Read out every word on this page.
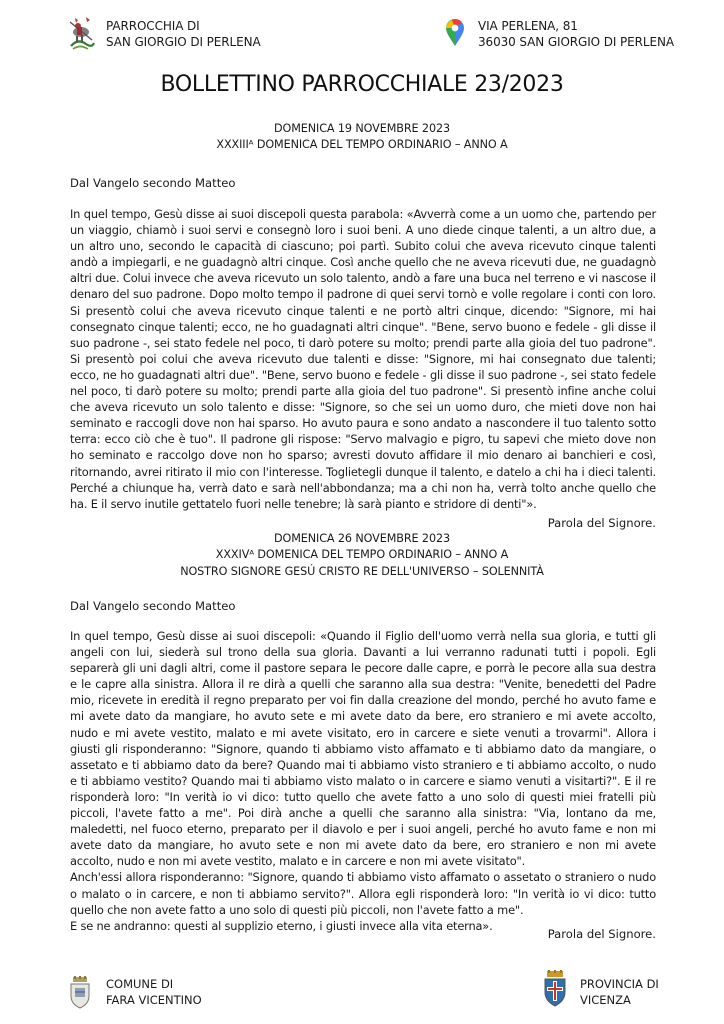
PARROCCHIA DI
SAN GIORGIO DI PERLENA
VIA PERLENA, 81
36030 SAN GIORGIO DI PERLENA
BOLLETTINO PARROCCHIALE 23/2023
DOMENICA 19 NOVEMBRE 2023
XXXIIIᴬ DOMENICA DEL TEMPO ORDINARIO – ANNO A
Dal Vangelo secondo Matteo

In quel tempo, Gesù disse ai suoi discepoli questa parabola: «Avverrà come a un uomo che, partendo per un viaggio, chiamò i suoi servi e consegnò loro i suoi beni. A uno diede cinque talenti, a un altro due, a un altro uno, secondo le capacità di ciascuno; poi partì. Subito colui che aveva ricevuto cinque talenti andò a impiegarli, e ne guadagnò altri cinque. Così anche quello che ne aveva ricevuti due, ne guadagnò altri due. Colui invece che aveva ricevuto un solo talento, andò a fare una buca nel terreno e vi nascose il denaro del suo padrone. Dopo molto tempo il padrone di quei servi tornò e volle regolare i conti con loro. Si presentò colui che aveva ricevuto cinque talenti e ne portò altri cinque, dicendo: "Signore, mi hai consegnato cinque talenti; ecco, ne ho guadagnati altri cinque". "Bene, servo buono e fedele - gli disse il suo padrone -, sei stato fedele nel poco, ti darò potere su molto; prendi parte alla gioia del tuo padrone". Si presentò poi colui che aveva ricevuto due talenti e disse: "Signore, mi hai consegnato due talenti; ecco, ne ho guadagnati altri due". "Bene, servo buono e fedele - gli disse il suo padrone -, sei stato fedele nel poco, ti darò potere su molto; prendi parte alla gioia del tuo padrone". Si presentò infine anche colui che aveva ricevuto un solo talento e disse: "Signore, so che sei un uomo duro, che mieti dove non hai seminato e raccogli dove non hai sparso. Ho avuto paura e sono andato a nascondere il tuo talento sotto terra: ecco ciò che è tuo". Il padrone gli rispose: "Servo malvagio e pigro, tu sapevi che mieto dove non ho seminato e raccolgo dove non ho sparso; avresti dovuto affidare il mio denaro ai banchieri e così, ritornando, avrei ritirato il mio con l'interesse. Toglietegli dunque il talento, e datelo a chi ha i dieci talenti. Perché a chiunque ha, verrà dato e sarà nell'abbondanza; ma a chi non ha, verrà tolto anche quello che ha. E il servo inutile gettatelo fuori nelle tenebre; là sarà pianto e stridore di denti"».

Parola del Signore.
DOMENICA 26 NOVEMBRE 2023
XXXIVᴬ DOMENICA DEL TEMPO ORDINARIO – ANNO A
NOSTRO SIGNORE GESÚ CRISTO RE DELL'UNIVERSO – SOLENNITÀ
Dal Vangelo secondo Matteo

In quel tempo, Gesù disse ai suoi discepoli: «Quando il Figlio dell'uomo verrà nella sua gloria, e tutti gli angeli con lui, siederà sul trono della sua gloria. Davanti a lui verranno radunati tutti i popoli. Egli separerà gli uni dagli altri, come il pastore separa le pecore dalle capre, e porrà le pecore alla sua destra e le capre alla sinistra. Allora il re dirà a quelli che saranno alla sua destra: "Venite, benedetti del Padre mio, ricevete in eredità il regno preparato per voi fin dalla creazione del mondo, perché ho avuto fame e mi avete dato da mangiare, ho avuto sete e mi avete dato da bere, ero straniero e mi avete accolto, nudo e mi avete vestito, malato e mi avete visitato, ero in carcere e siete venuti a trovarmi". Allora i giusti gli risponderanno: "Signore, quando ti abbiamo visto affamato e ti abbiamo dato da mangiare, o assetato e ti abbiamo dato da bere? Quando mai ti abbiamo visto straniero e ti abbiamo accolto, o nudo e ti abbiamo vestito? Quando mai ti abbiamo visto malato o in carcere e siamo venuti a visitarti?". E il re risponderà loro: "In verità io vi dico: tutto quello che avete fatto a uno solo di questi miei fratelli più piccoli, l'avete fatto a me". Poi dirà anche a quelli che saranno alla sinistra: "Via, lontano da me, maledetti, nel fuoco eterno, preparato per il diavolo e per i suoi angeli, perché ho avuto fame e non mi avete dato da mangiare, ho avuto sete e non mi avete dato da bere, ero straniero e non mi avete accolto, nudo e non mi avete vestito, malato e in carcere e non mi avete visitato".

Anch'essi allora risponderanno: "Signore, quando ti abbiamo visto affamato o assetato o straniero o nudo o malato o in carcere, e non ti abbiamo servito?". Allora egli risponderà loro: "In verità io vi dico: tutto quello che non avete fatto a uno solo di questi più piccoli, non l'avete fatto a me".

E se ne andranno: questi al supplizio eterno, i giusti invece alla vita eterna».

Parola del Signore.
COMUNE DI
FARA VICENTINO
PROVINCIA DI
VICENZA
